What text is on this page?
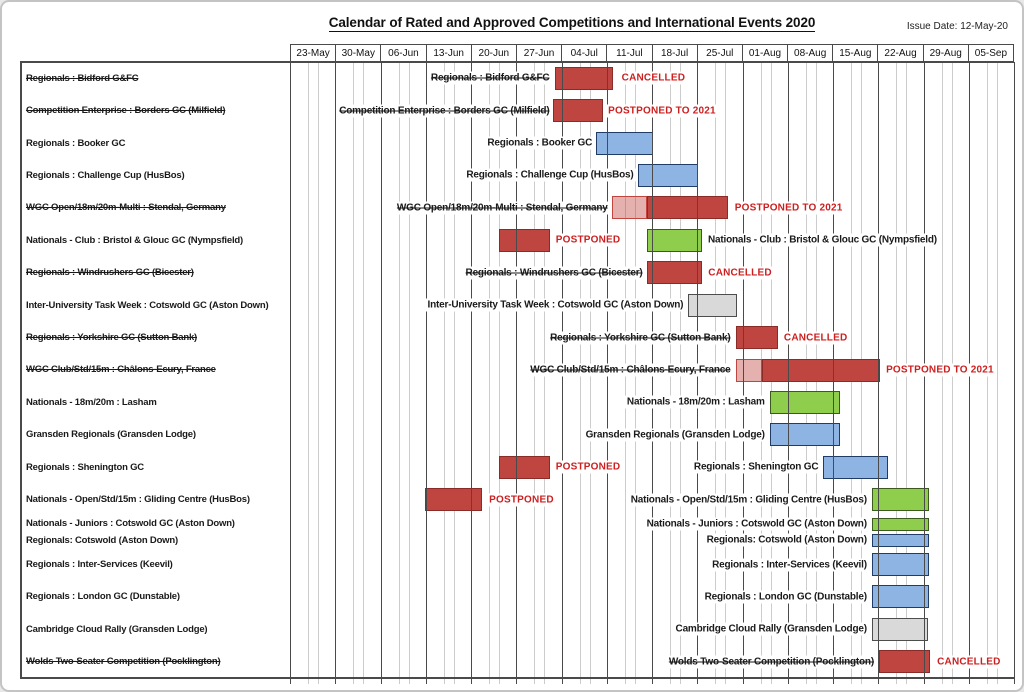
Calendar of Rated and Approved Competitions and International Events 2020	Issue Date: 12-May-20
23-May	30-May	06-Jun	13-Jun	20-Jun	27-Jun	04-Jul	11-Jul	18-Jul	25-Jul	01-Aug	08-Aug	15-Aug	22-Aug	29-Aug	05-Sep
Regionals : Bidford G&FC
Competition Enterprise : Borders GC (Milfield)
Regionals : Booker GC
Regionals : Challenge Cup (HusBos)
WGC Open/18m/20m-Multi : Stendal, Germany
Nationals - Club : Bristol & Glouc GC (Nympsfield)
Regionals : Windrushers GC (Bicester)
Inter-University Task Week : Cotswold GC (Aston Down)
Regionals : Yorkshire GC (Sutton Bank)
WGC Club/Std/15m : Châlons-Ecury, France
Nationals - 18m/20m : Lasham
Gransden Regionals (Gransden Lodge)
Regionals : Shenington GC
Nationals - Open/Std/15m : Gliding Centre (HusBos)
Nationals - Juniors : Cotswold GC (Aston Down)
Regionals: Cotswold (Aston Down)
Regionals : Inter-Services (Keevil)
Regionals : London GC (Dunstable)
Cambridge Cloud Rally (Gransden Lodge)
Wolds Two-Seater Competition (Pocklington)
Regionals : Bidford G&FC	CANCELLED
Competition Enterprise : Borders GC (Milfield)	POSTPONED TO 2021
Regionals : Booker GC
Regionals : Challenge Cup (HusBos)
WGC Open/18m/20m-Multi : Stendal, Germany	POSTPONED TO 2021
POSTPONED	Nationals - Club : Bristol & Glouc GC (Nympsfield)
Regionals : Windrushers GC (Bicester)	CANCELLED
Inter-University Task Week : Cotswold GC (Aston Down)
Regionals : Yorkshire GC (Sutton Bank)	CANCELLED
WGC Club/Std/15m : Châlons-Ecury, France	POSTPONED TO 2021
Nationals - 18m/20m : Lasham
Gransden Regionals (Gransden Lodge)
POSTPONED	Regionals : Shenington GC
POSTPONED	Nationals - Open/Std/15m : Gliding Centre (HusBos)
Nationals - Juniors : Cotswold GC (Aston Down)
Regionals: Cotswold (Aston Down)
Regionals : Inter-Services (Keevil)
Regionals : London GC (Dunstable)
Cambridge Cloud Rally (Gransden Lodge)
Wolds Two-Seater Competition (Pocklington)	CANCELLED
